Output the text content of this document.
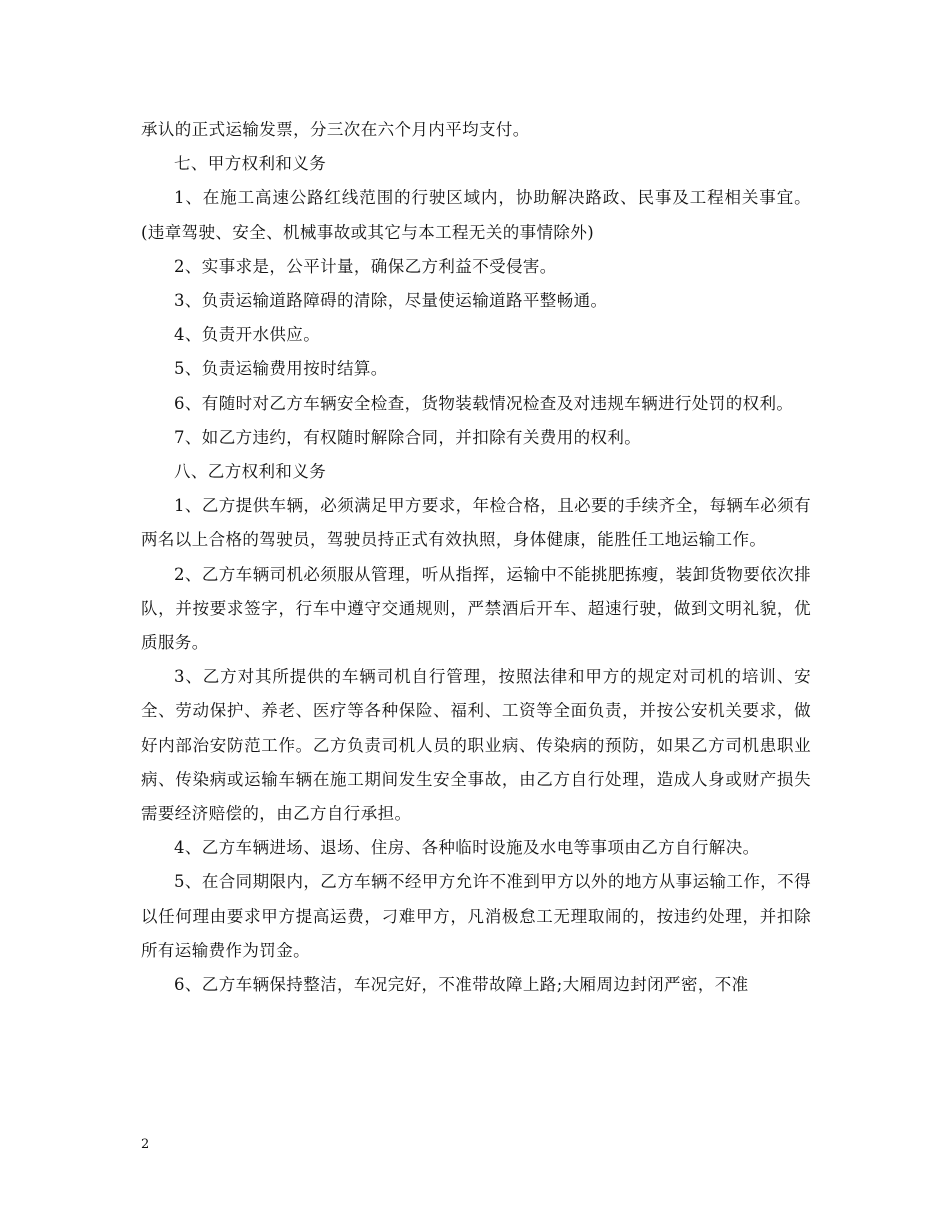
承认的正式运输发票，分三次在六个月内平均支付。

七、甲方权利和义务

1、在施工高速公路红线范围的行驶区域内，协助解决路政、民事及工程相关事宜。(违章驾驶、安全、机械事故或其它与本工程无关的事情除外)

2、实事求是，公平计量，确保乙方利益不受侵害。

3、负责运输道路障碍的清除，尽量使运输道路平整畅通。

4、负责开水供应。

5、负责运输费用按时结算。

6、有随时对乙方车辆安全检查，货物装载情况检查及对违规车辆进行处罚的权利。

7、如乙方违约，有权随时解除合同，并扣除有关费用的权利。

八、乙方权利和义务

1、乙方提供车辆，必须满足甲方要求，年检合格，且必要的手续齐全，每辆车必须有两名以上合格的驾驶员，驾驶员持正式有效执照，身体健康，能胜任工地运输工作。

2、乙方车辆司机必须服从管理，听从指挥，运输中不能挑肥拣瘦，装卸货物要依次排队，并按要求签字，行车中遵守交通规则，严禁酒后开车、超速行驶，做到文明礼貌，优质服务。

3、乙方对其所提供的车辆司机自行管理，按照法律和甲方的规定对司机的培训、安全、劳动保护、养老、医疗等各种保险、福利、工资等全面负责，并按公安机关要求，做好内部治安防范工作。乙方负责司机人员的职业病、传染病的预防，如果乙方司机患职业病、传染病或运输车辆在施工期间发生安全事故，由乙方自行处理，造成人身或财产损失需要经济赔偿的，由乙方自行承担。

4、乙方车辆进场、退场、住房、各种临时设施及水电等事项由乙方自行解决。

5、在合同期限内，乙方车辆不经甲方允许不准到甲方以外的地方从事运输工作，不得以任何理由要求甲方提高运费，刁难甲方，凡消极怠工无理取闹的，按违约处理，并扣除所有运输费作为罚金。

6、乙方车辆保持整洁，车况完好，不准带故障上路;大厢周边封闭严密，不准

2
